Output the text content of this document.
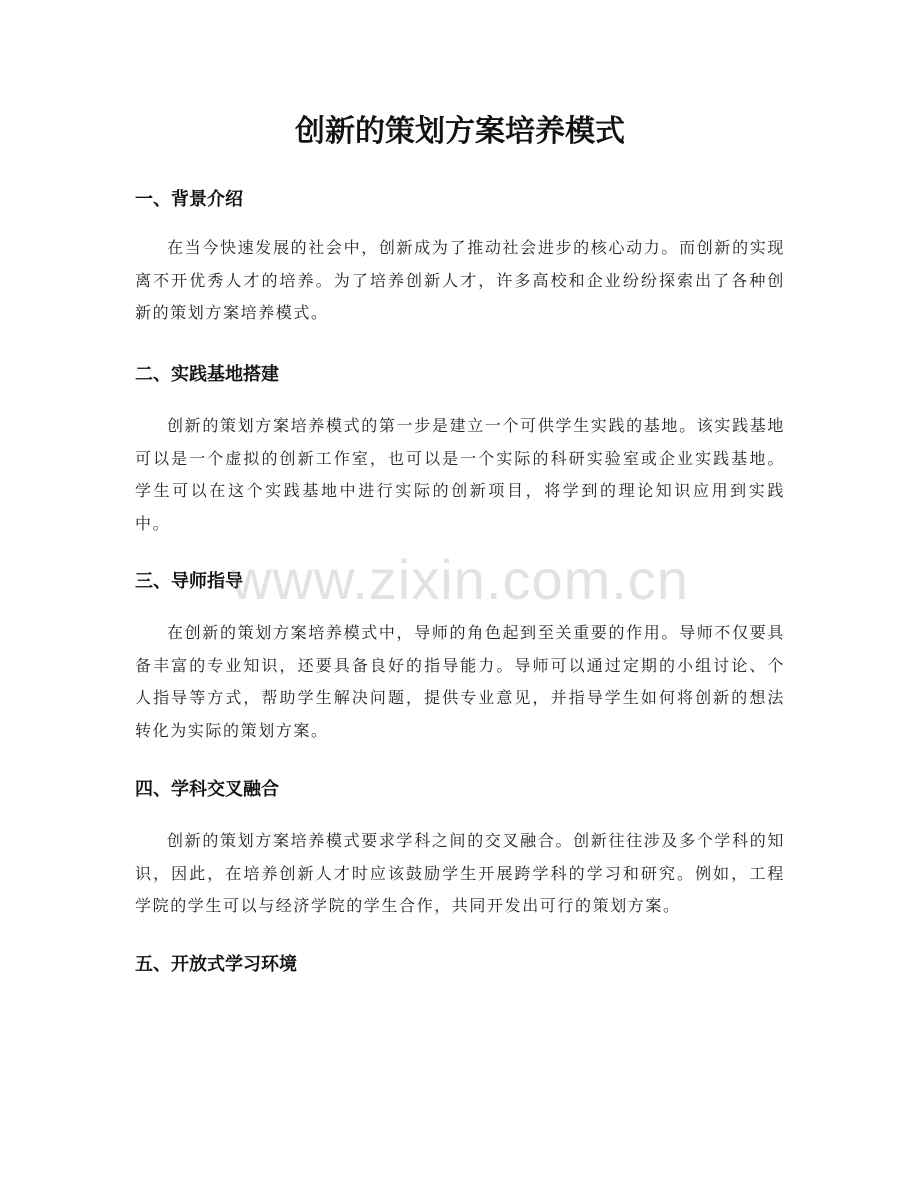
创新的策划方案培养模式
一、背景介绍

在当今快速发展的社会中，创新成为了推动社会进步的核心动力。而创新的实现离不开优秀人才的培养。为了培养创新人才，许多高校和企业纷纷探索出了各种创新的策划方案培养模式。

二、实践基地搭建

创新的策划方案培养模式的第一步是建立一个可供学生实践的基地。该实践基地可以是一个虚拟的创新工作室，也可以是一个实际的科研实验室或企业实践基地。学生可以在这个实践基地中进行实际的创新项目，将学到的理论知识应用到实践中。

三、导师指导

在创新的策划方案培养模式中，导师的角色起到至关重要的作用。导师不仅要具备丰富的专业知识，还要具备良好的指导能力。导师可以通过定期的小组讨论、个人指导等方式，帮助学生解决问题，提供专业意见，并指导学生如何将创新的想法转化为实际的策划方案。

四、学科交叉融合

创新的策划方案培养模式要求学科之间的交叉融合。创新往往涉及多个学科的知识，因此，在培养创新人才时应该鼓励学生开展跨学科的学习和研究。例如，工程学院的学生可以与经济学院的学生合作，共同开发出可行的策划方案。

五、开放式学习环境
www.zixin.com.cn
